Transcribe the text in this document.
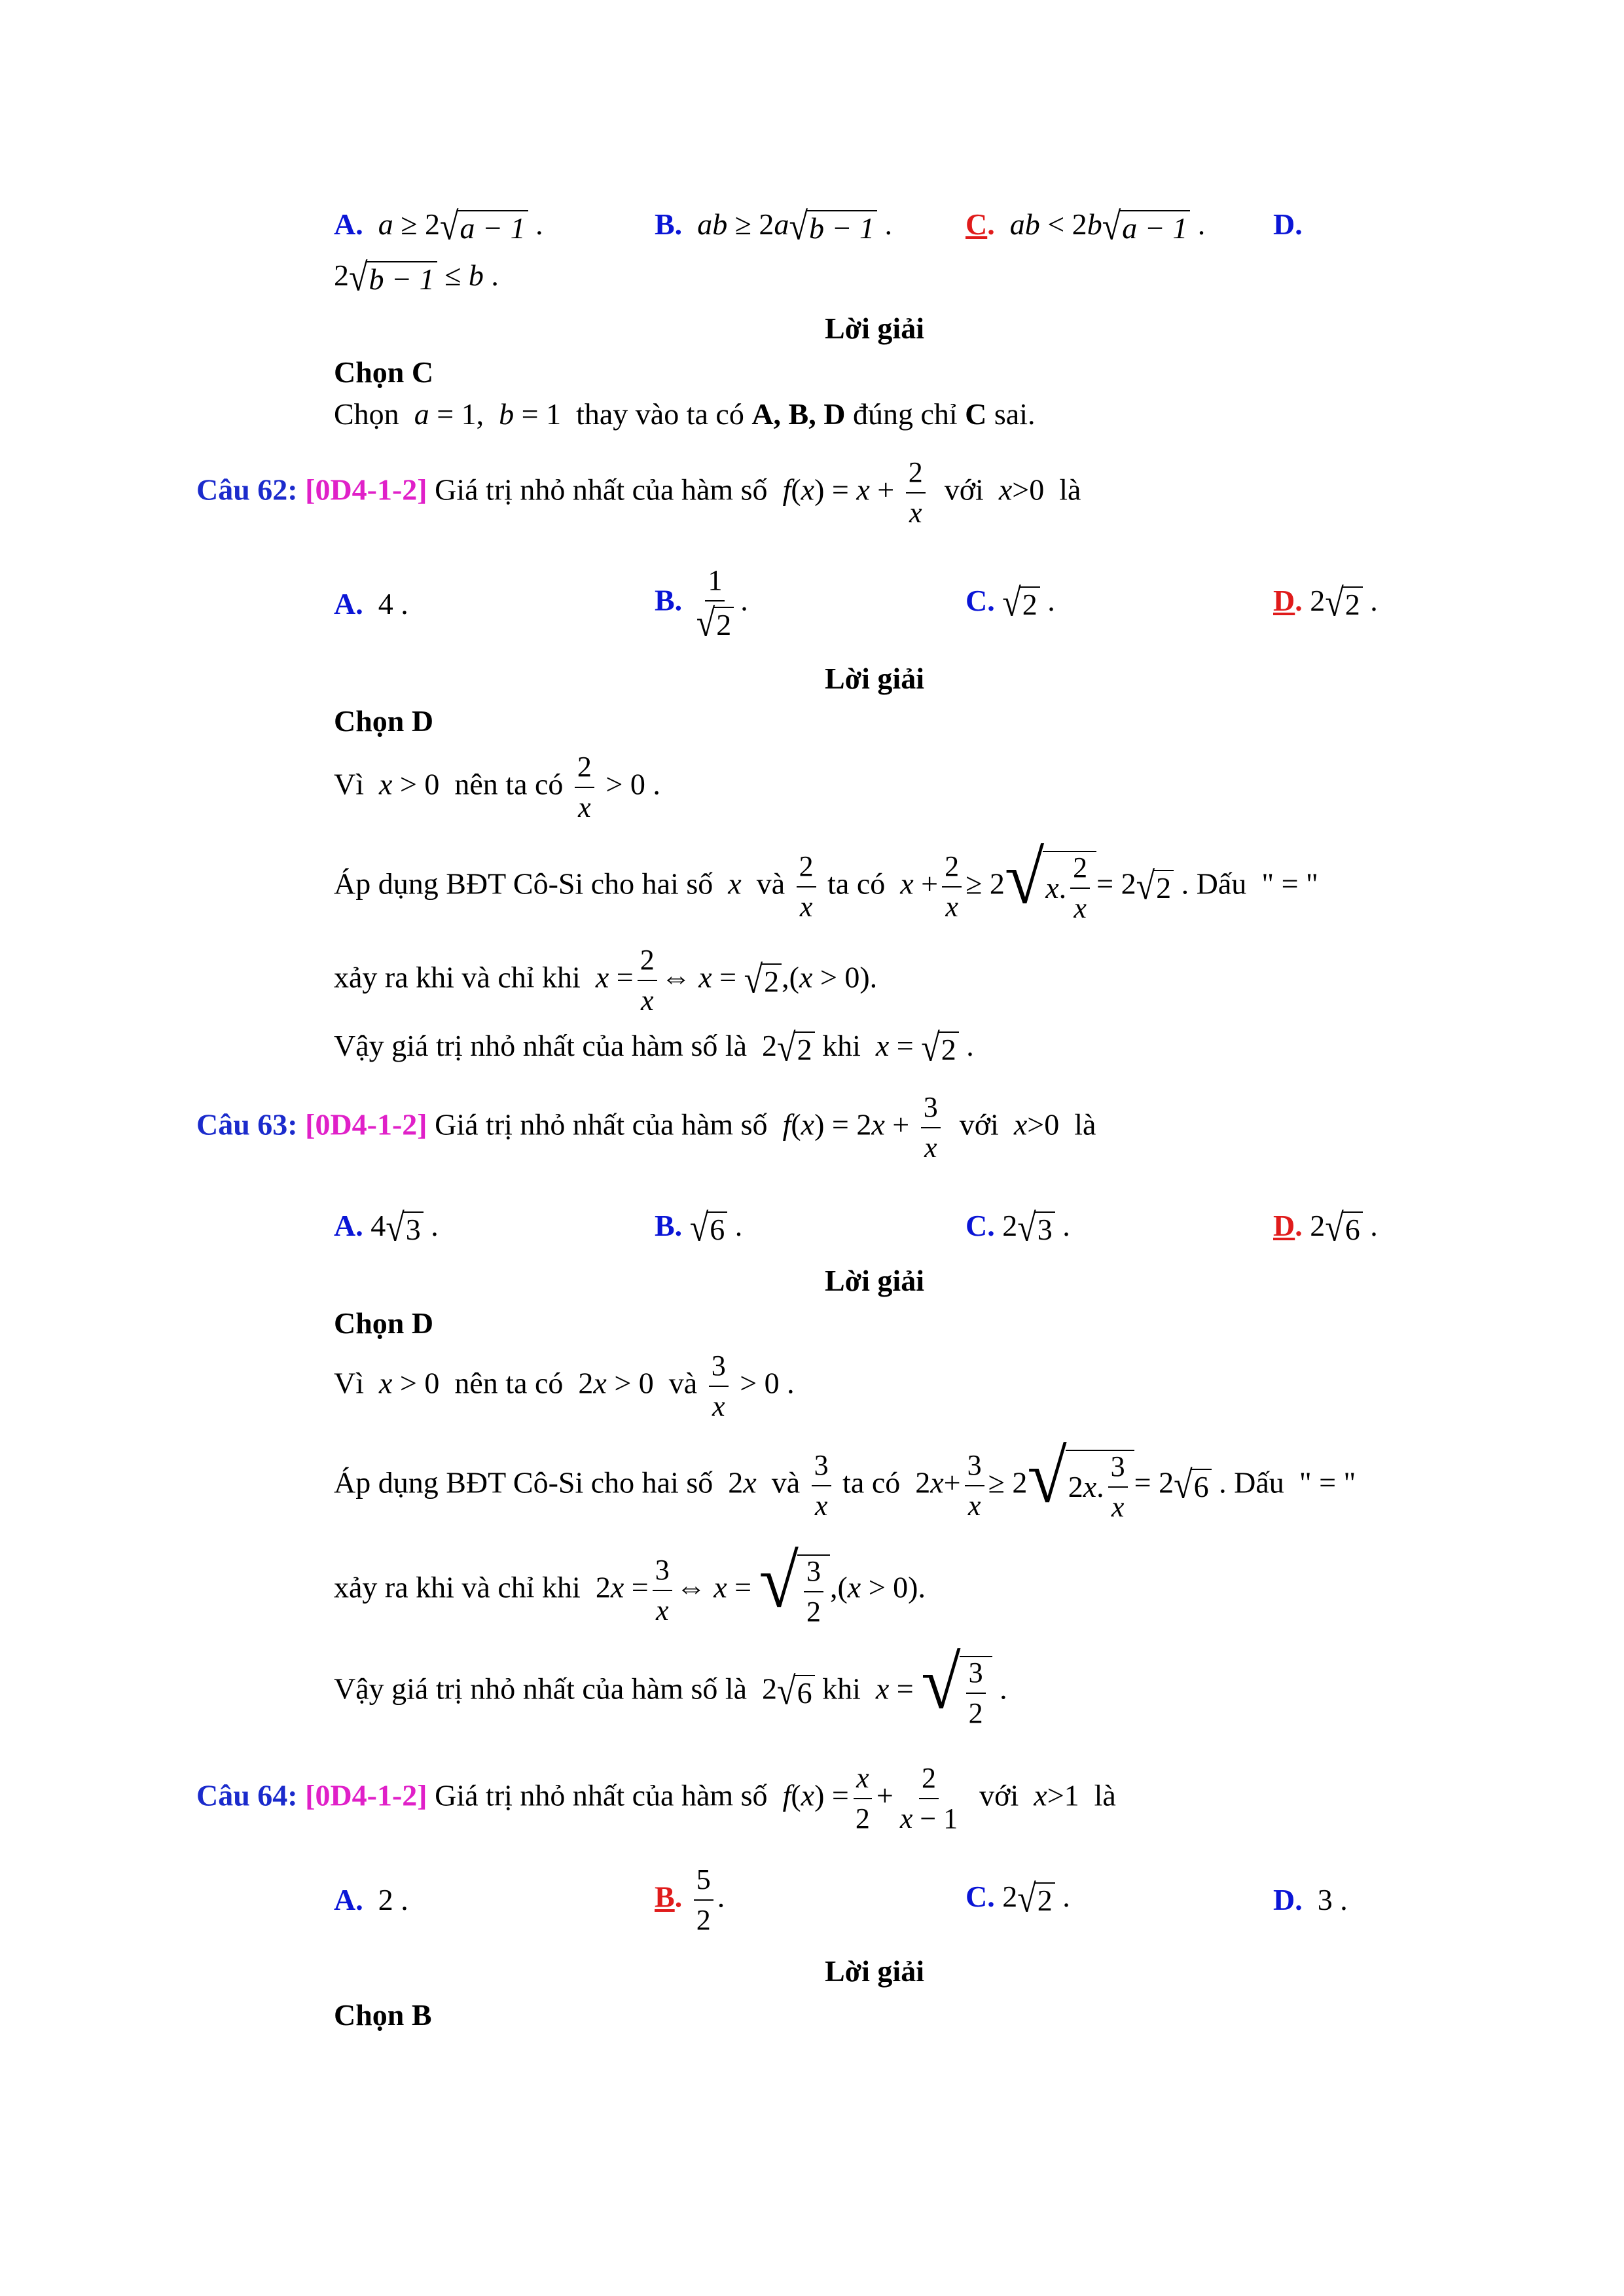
A.  a ≥ 2 √ a − 1 .	B.  ab ≥ 2a √ b − 1 . C.  ab < 2b √ a − 1 . D.
2 √ b − 1 ≤ b .
Lời giải
Chọn C
Chọn a = 1,  b = 1  thay vào ta có A, B, D đúng chỉ C sai.
Câu 62: [0D4-1-2] Giá trị nhỏ nhất của hàm số $f(x) = x + \frac{2}{x}$ với x>0  là
A.  4 .	B. $\frac{1}{√ 2}$ .	C. √ 2 .	D. 2 √ 2 .
Lời giải
Chọn D
Vì x > 0  nên ta có $\frac{2}{x} > 0$ .
Áp dụng BĐT Cô-Si cho hai số x và $\frac{2}{x}$ ta có $x + \frac{2}{x} \ge 2$ √ x . $\frac{2}{x} = 2$ √ 2 . Dấu " = "
xảy ra khi và chỉ khi $x = \frac{2}{x}$ ⇔ x = √ 2 ,(x > 0).
Vậy giá trị nhỏ nhất của hàm số là  2 √ 2 khi x = √ 2 .
Câu 63: [0D4-1-2] Giá trị nhỏ nhất của hàm số $f(x) = 2x + \frac{3}{x}$ với x>0  là
A. 4 √ 3 .	B. √ 6 .	C. 2 √ 3 .	D. 2 √ 6 .
Lời giải
Chọn D
Vì x > 0  nên ta có  2x > 0  và $\frac{3}{x} > 0$ .
Áp dụng BĐT Cô-Si cho hai số  2x và $\frac{3}{x}$ ta có  $2x+ \frac{3}{x} \ge 2$ √ 2 x . $\frac{3}{x} = 2$ √ 6 . Dấu " = "
xảy ra khi và chỉ khi  $2x = \frac{3}{x}$ ⇔ x = √ $\frac{3}{2} ,(x > 0)$.
Vậy giá trị nhỏ nhất của hàm số là  2 √ 6 khi x = √ $\frac{3}{2}$ .
Câu 64: [0D4-1-2] Giá trị nhỏ nhất của hàm số $f(x) = \frac{x}{2} + \frac{2}{x - 1}$ với x>1  là
A.  2 .	B. $\frac{5}{2}$ .	C. 2 √ 2 .	D.  3 .
Lời giải
Chọn B
